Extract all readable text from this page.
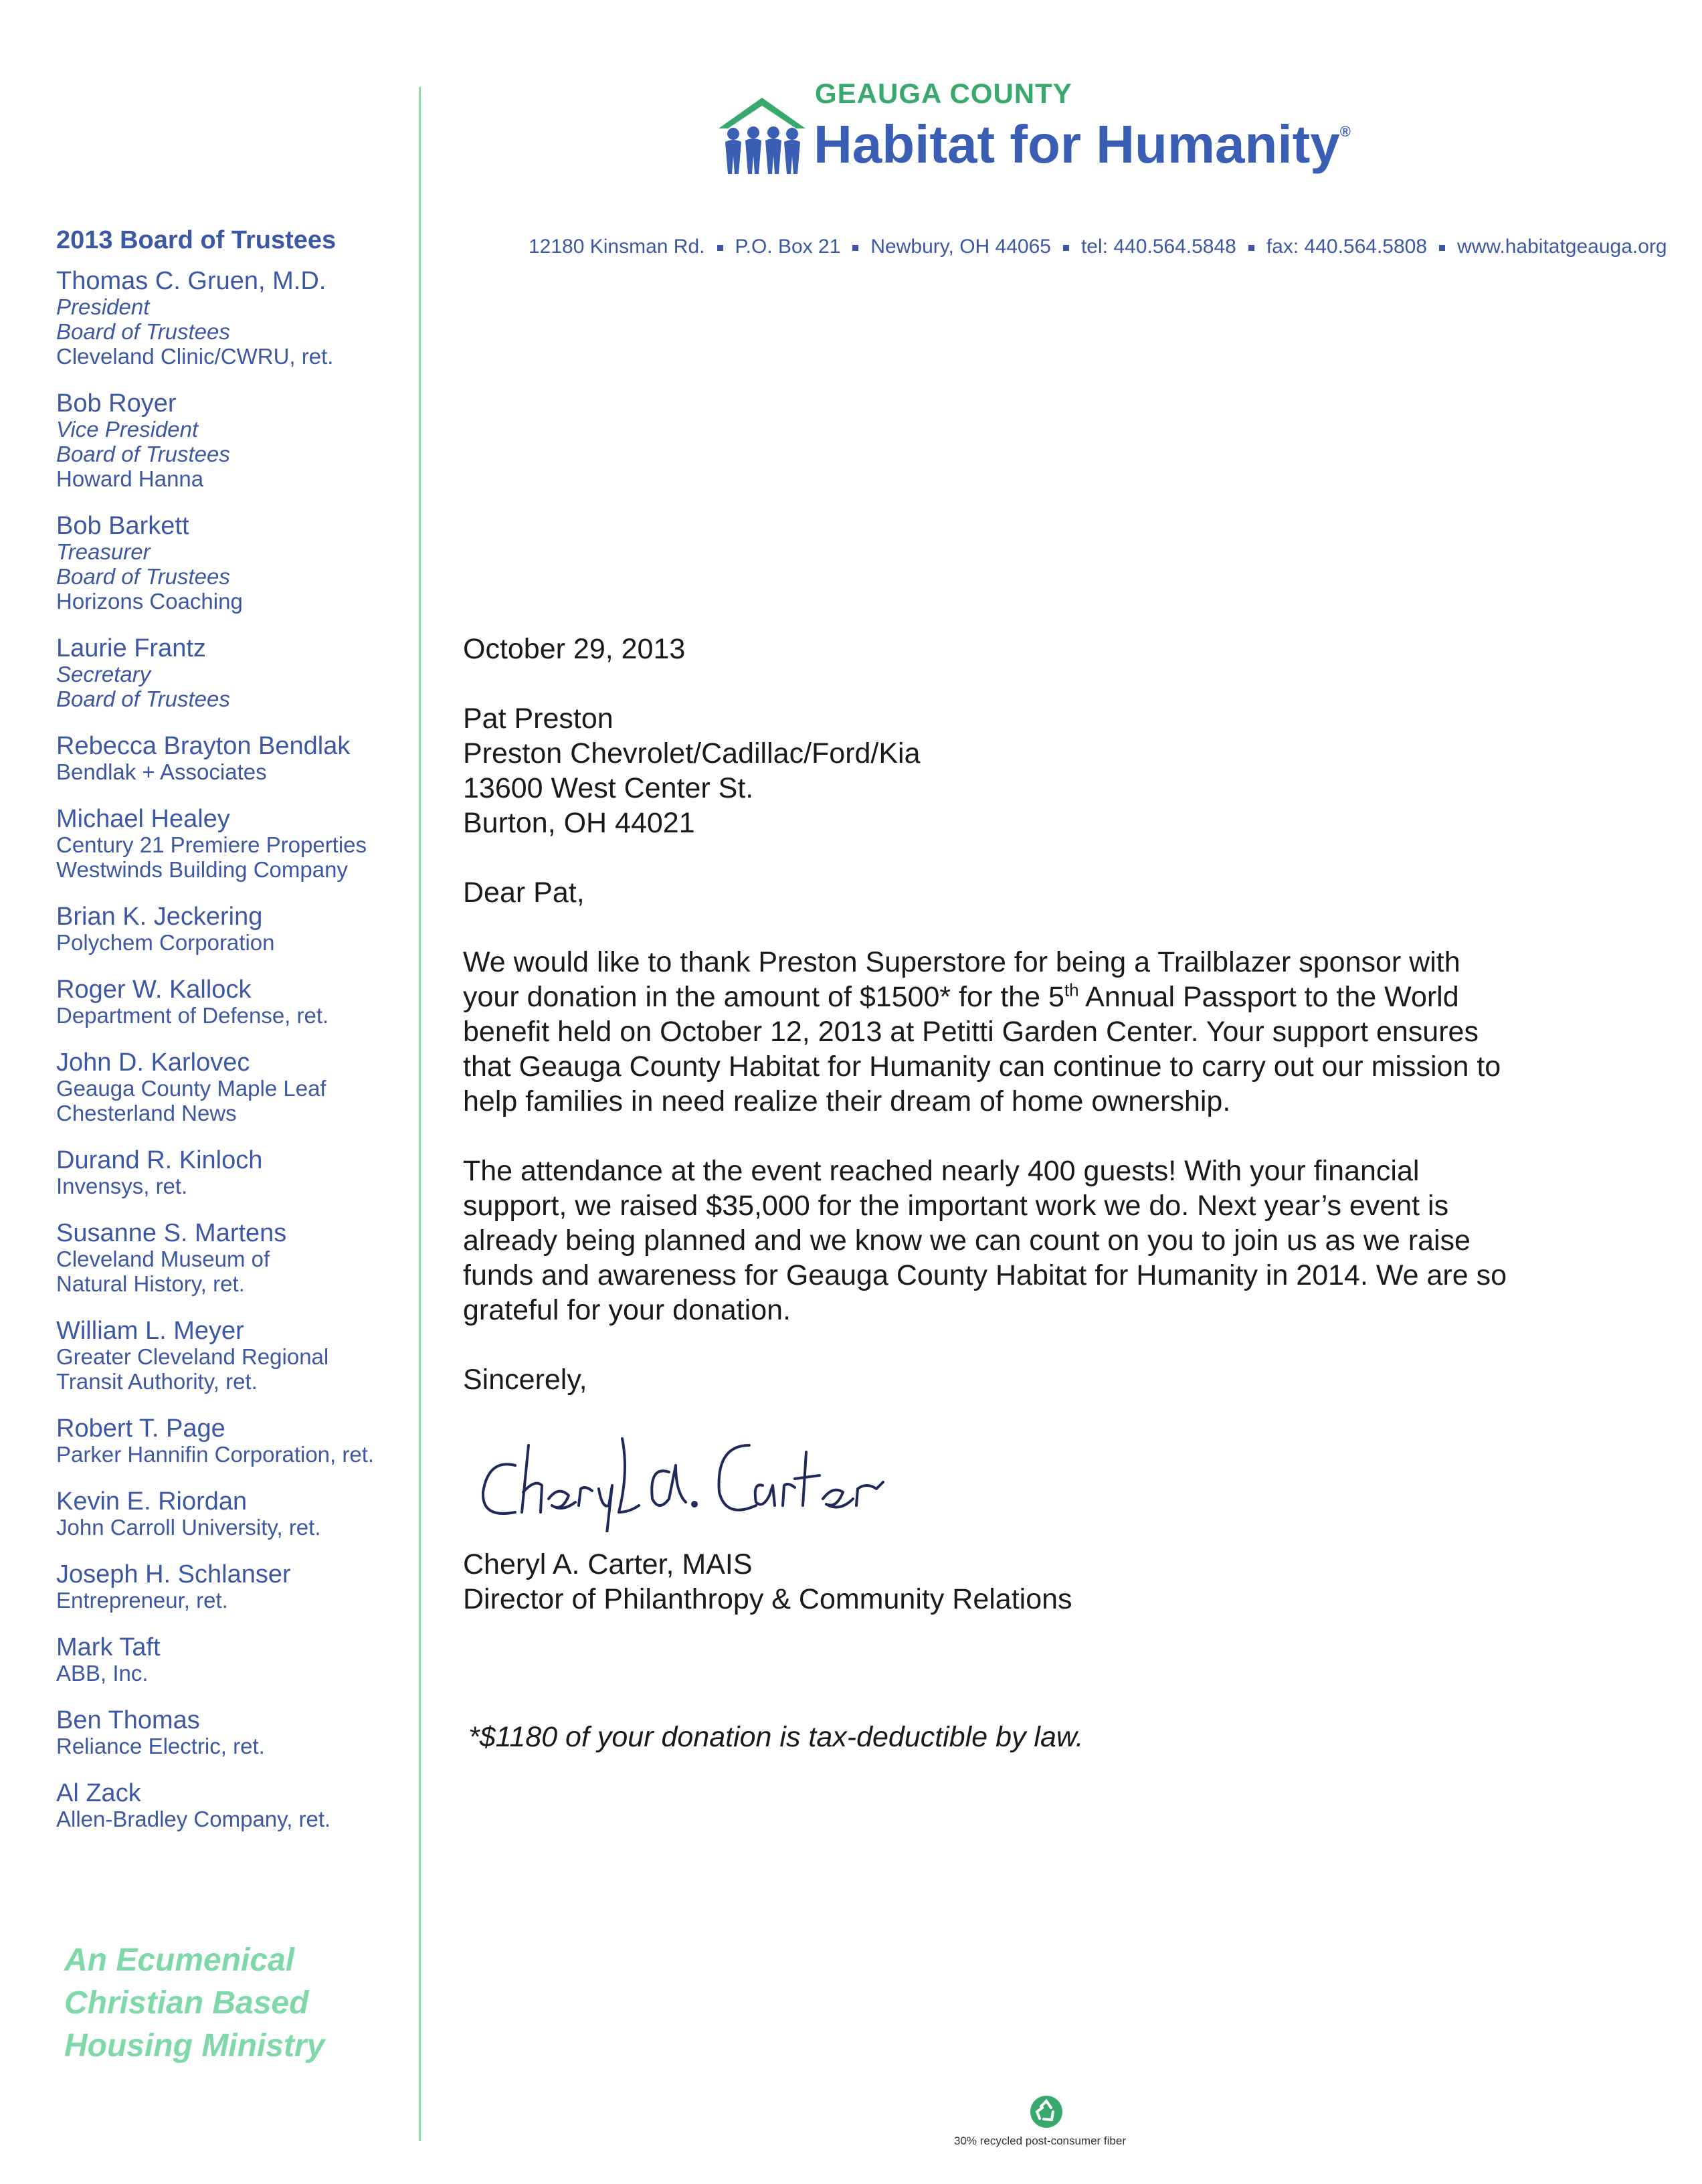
GEAUGA COUNTY
Habitat for Humanity®
12180 Kinsman Rd. P.O. Box 21 Newbury, OH 44065 tel: 440.564.5848 fax: 440.564.5808 www.habitatgeauga.org
2013 Board of Trustees
Thomas C. Gruen, M.D.
President
Board of Trustees
Cleveland Clinic/CWRU, ret.
Bob Royer
Vice President
Board of Trustees
Howard Hanna
Bob Barkett
Treasurer
Board of Trustees
Horizons Coaching
Laurie Frantz
Secretary
Board of Trustees
Rebecca Brayton Bendlak
Bendlak + Associates
Michael Healey
Century 21 Premiere Properties
Westwinds Building Company
Brian K. Jeckering
Polychem Corporation
Roger W. Kallock
Department of Defense, ret.
John D. Karlovec
Geauga County Maple Leaf
Chesterland News
Durand R. Kinloch
Invensys, ret.
Susanne S. Martens
Cleveland Museum of
Natural History, ret.
William L. Meyer
Greater Cleveland Regional
Transit Authority, ret.
Robert T. Page
Parker Hannifin Corporation, ret.
Kevin E. Riordan
John Carroll University, ret.
Joseph H. Schlanser
Entrepreneur, ret.
Mark Taft
ABB, Inc.
Ben Thomas
Reliance Electric, ret.
Al Zack
Allen-Bradley Company, ret.
An Ecumenical
Christian Based
Housing Ministry

October 29, 2013

Pat Preston

Preston Chevrolet/Cadillac/Ford/Kia

13600 West Center St.

Burton, OH 44021

Dear Pat,

We would like to thank Preston Superstore for being a Trailblazer sponsor with your donation in the amount of $1500* for the 5th Annual Passport to the World benefit held on October 12, 2013 at Petitti Garden Center. Your support ensures that Geauga County Habitat for Humanity can continue to carry out our mission to help families in need realize their dream of home ownership.

The attendance at the event reached nearly 400 guests! With your financial support, we raised $35,000 for the important work we do. Next year’s event is already being planned and we know we can count on you to join us as we raise funds and awareness for Geauga County Habitat for Humanity in 2014. We are so grateful for your donation.

Sincerely,

Cheryl A. Carter, MAIS
Director of Philanthropy & Community Relations
*$1180 of your donation is tax-deductible by law.
30% recycled post-consumer fiber
